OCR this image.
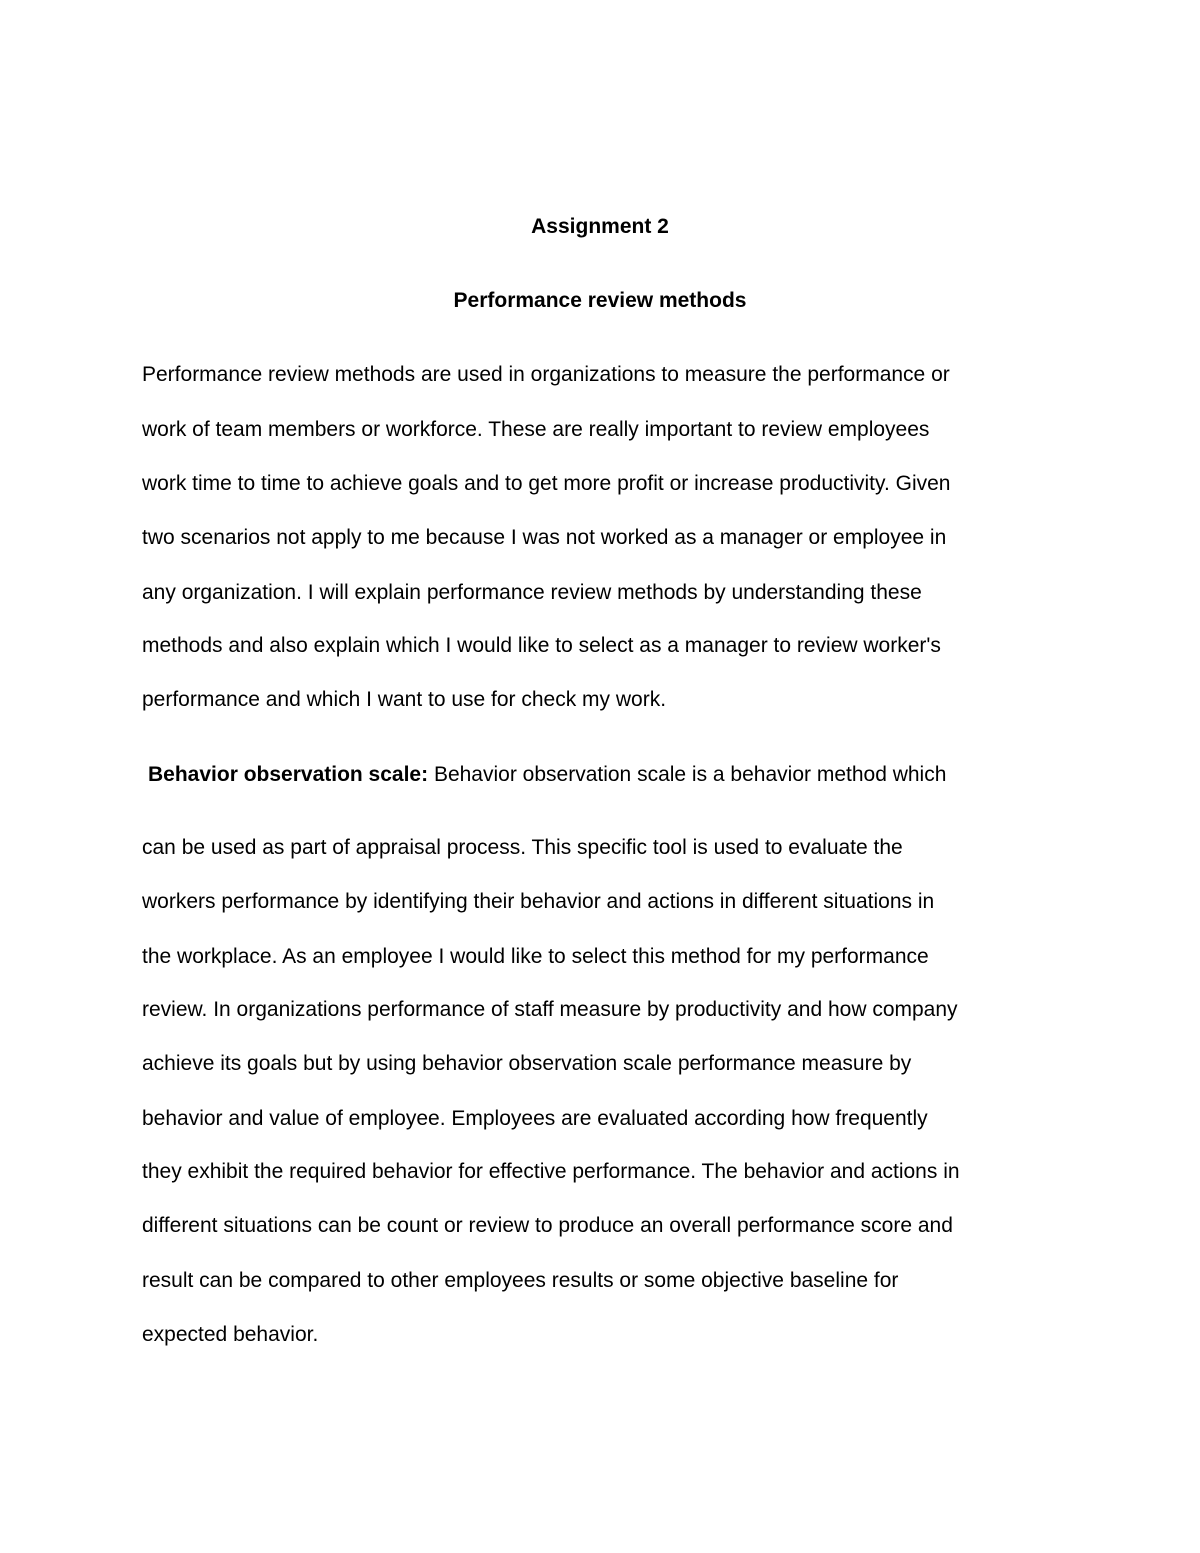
Assignment 2
Performance review methods

Performance review methods are used in organizations to measure the performance or

work of team members or workforce. These are really important to review employees

work time to time to achieve goals and to get more profit or increase productivity. Given

two scenarios not apply to me because I was not worked as a manager or employee in

any organization. I will explain performance review methods by understanding these

methods and also explain which I would like to select as a manager to review worker's

performance and which I want to use for check my work.

Behavior observation scale: Behavior observation scale is a behavior method which

can be used as part of appraisal process. This specific tool is used to evaluate the

workers performance by identifying their behavior and actions in different situations in

the workplace. As an employee I would like to select this method for my performance

review. In organizations performance of staff measure by productivity and how company

achieve its goals but by using behavior observation scale performance measure by

behavior and value of employee. Employees are evaluated according how frequently

they exhibit the required behavior for effective performance. The behavior and actions in

different situations can be count or review to produce an overall performance score and

result can be compared to other employees results or some objective baseline for

expected behavior.
